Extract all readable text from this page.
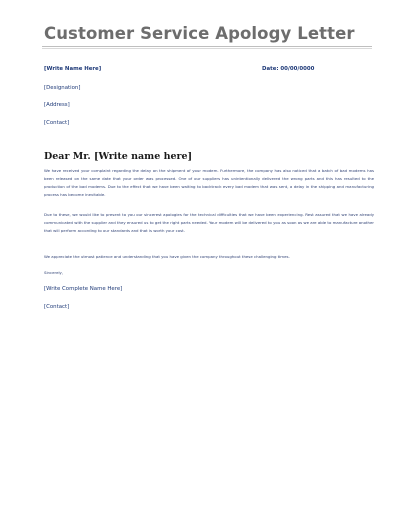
Customer Service Apology Letter
[Write Name Here]	Date: 00/00/0000
[Designation]
[Address]
[Contact]
Dear Mr. [Write name here]
We have received your complaint regarding the delay on the shipment of your modem. Furthermore, the company has also noticed that a batch of bad modems has been released on the same date that your order was processed. One of our suppliers has unintentionally delivered the wrong parts and this has resulted to the production of the bad modems. Due to the effect that we have been waiting to backtrack every bad modem that was sent, a delay in the shipping and manufacturing process has become inevitable.
Due to these, we would like to present to you our sincerest apologies for the technical difficulties that we have been experiencing. Rest assured that we have already communicated with the supplier and they ensured us to get the right parts needed. Your modem will be delivered to you as soon as we are able to manufacture another that will perform according to our standards and that is worth your cost.
We appreciate the utmost patience and understanding that you have given the company throughout these challenging times.
Sincerely,
[Write Complete Name Here]
[Contact]
